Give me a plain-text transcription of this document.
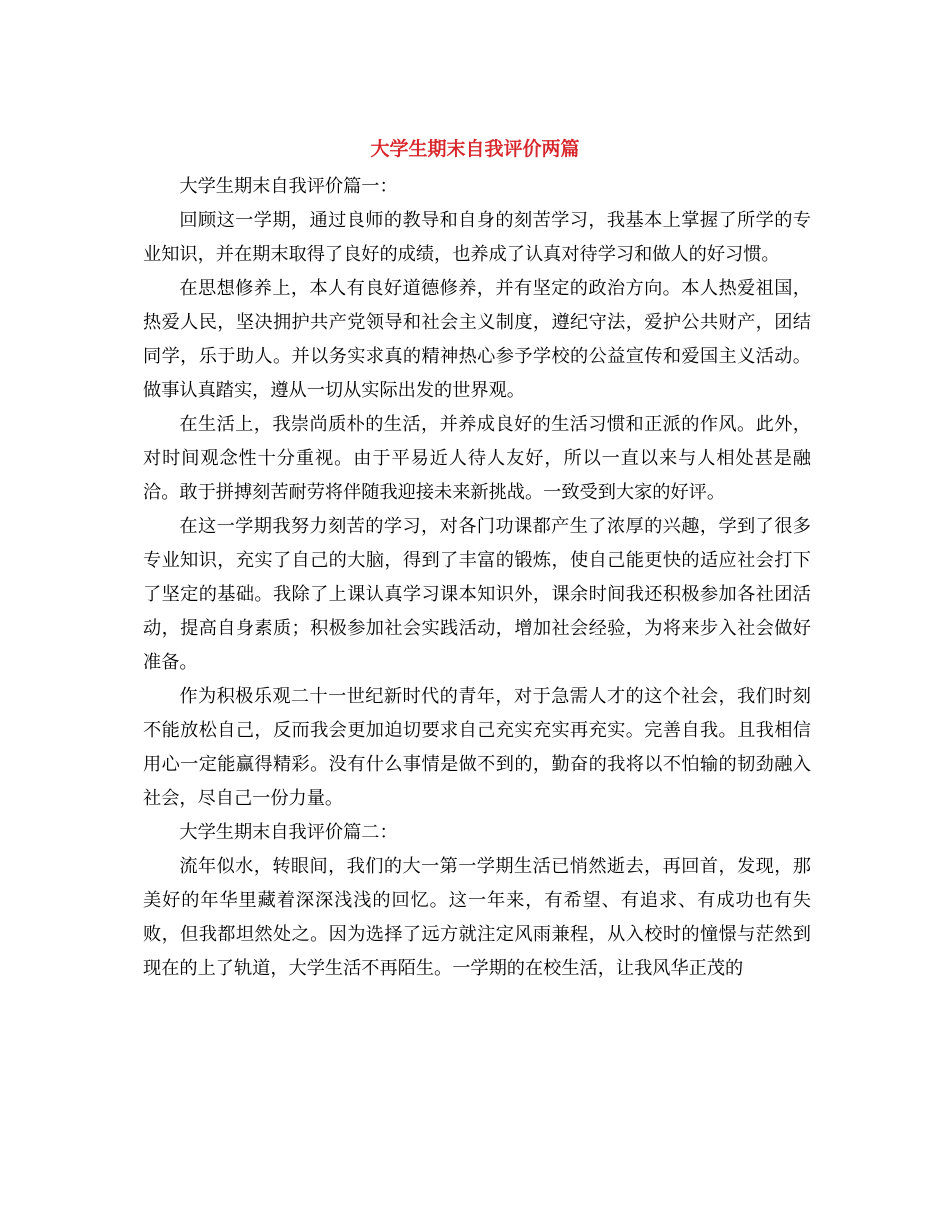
大学生期末自我评价两篇

大学生期末自我评价篇一：

回顾这一学期，通过良师的教导和自身的刻苦学习，我基本上掌握了所学的专业知识，并在期末取得了良好的成绩，也养成了认真对待学习和做人的好习惯。

在思想修养上，本人有良好道德修养，并有坚定的政治方向。本人热爱祖国，热爱人民，坚决拥护共产党领导和社会主义制度，遵纪守法，爱护公共财产，团结同学，乐于助人。并以务实求真的精神热心参予学校的公益宣传和爱国主义活动。做事认真踏实，遵从一切从实际出发的世界观。

在生活上，我崇尚质朴的生活，并养成良好的生活习惯和正派的作风。此外，对时间观念性十分重视。由于平易近人待人友好，所以一直以来与人相处甚是融洽。敢于拼搏刻苦耐劳将伴随我迎接未来新挑战。一致受到大家的好评。

在这一学期我努力刻苦的学习，对各门功课都产生了浓厚的兴趣，学到了很多专业知识，充实了自己的大脑，得到了丰富的锻炼，使自己能更快的适应社会打下了坚定的基础。我除了上课认真学习课本知识外，课余时间我还积极参加各社团活动，提高自身素质；积极参加社会实践活动，增加社会经验，为将来步入社会做好准备。

作为积极乐观二十一世纪新时代的青年，对于急需人才的这个社会，我们时刻不能放松自己，反而我会更加迫切要求自己充实充实再充实。完善自我。且我相信用心一定能赢得精彩。没有什么事情是做不到的，勤奋的我将以不怕输的韧劲融入社会，尽自己一份力量。

大学生期末自我评价篇二：

流年似水，转眼间，我们的大一第一学期生活已悄然逝去，再回首，发现，那美好的年华里藏着深深浅浅的回忆。这一年来，有希望、有追求、有成功也有失败，但我都坦然处之。因为选择了远方就注定风雨兼程，从入校时的憧憬与茫然到现在的上了轨道，大学生活不再陌生。一学期的在校生活，让我风华正茂的
